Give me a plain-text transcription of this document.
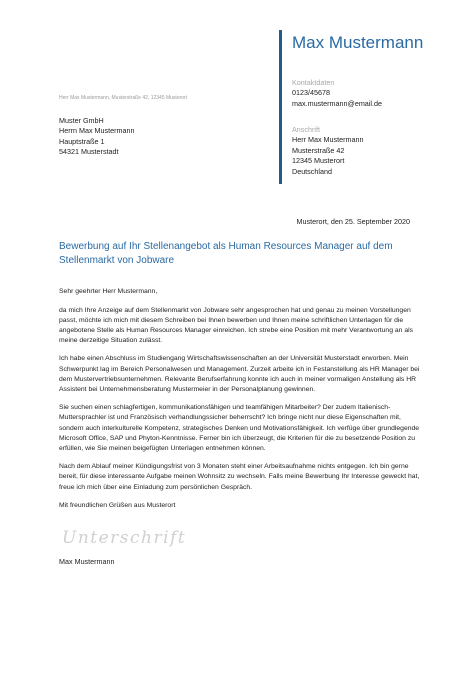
Max Mustermann
Kontaktdaten
0123/45678
max.mustermann@email.de
Anschrift
Herr Max Mustermann
Musterstraße 42
12345 Musterort
Deutschland
Herr Max Mustermann, Musterstraße 42, 12345 Musterort
Muster GmbH
Herrn Max Mustermann
Hauptstraße 1
54321 Musterstadt
Musterort, den 25. September 2020
Bewerbung auf Ihr Stellenangebot als Human Resources Manager auf dem Stellenmarkt von Jobware

Sehr geehrter Herr Mustermann,

da mich Ihre Anzeige auf dem Stellenmarkt von Jobware sehr angesprochen hat und genau zu meinen Vorstellungen passt, möchte ich mich mit diesem Schreiben bei Ihnen bewerben und Ihnen meine schriftlichen Unterlagen für die angebotene Stelle als Human Resources Manager einreichen. Ich strebe eine Position mit mehr Verantwortung an als meine derzeitige Situation zulässt.

Ich habe einen Abschluss im Studiengang Wirtschaftswissenschaften an der Universität Musterstadt erworben. Mein Schwerpunkt lag im Bereich Personalwesen und Management. Zurzeit arbeite ich in Festanstellung als HR Manager bei dem Mustervertriebsunternehmen. Relevante Berufserfahrung konnte ich auch in meiner vormaligen Anstellung als HR Assistent bei Unternehmensberatung Mustermeier in der Personalplanung gewinnen.

Sie suchen einen schlagfertigen, kommunikationsfähigen und teamfähigen Mitarbeiter? Der zudem Italienisch-Muttersprachler ist und Französisch verhandlungssicher beherrscht? Ich bringe nicht nur diese Eigenschaften mit, sondern auch interkulturelle Kompetenz, strategisches Denken und Motivationsfähigkeit. Ich verfüge über grundlegende Microsoft Office, SAP und Phyton-Kenntnisse. Ferner bin ich überzeugt, die Kriterien für die zu besetzende Position zu erfüllen, wie Sie meinen beigefügten Unterlagen entnehmen können.

Nach dem Ablauf meiner Kündigungsfrist von 3 Monaten steht einer Arbeitsaufnahme nichts entgegen. Ich bin gerne bereit, für diese interessante Aufgabe meinen Wohnsitz zu wechseln. Falls meine Bewerbung Ihr Interesse geweckt hat, freue ich mich über eine Einladung zum persönlichen Gespräch.

Mit freundlichen Grüßen aus Musterort

Unterschrift
Max Mustermann
